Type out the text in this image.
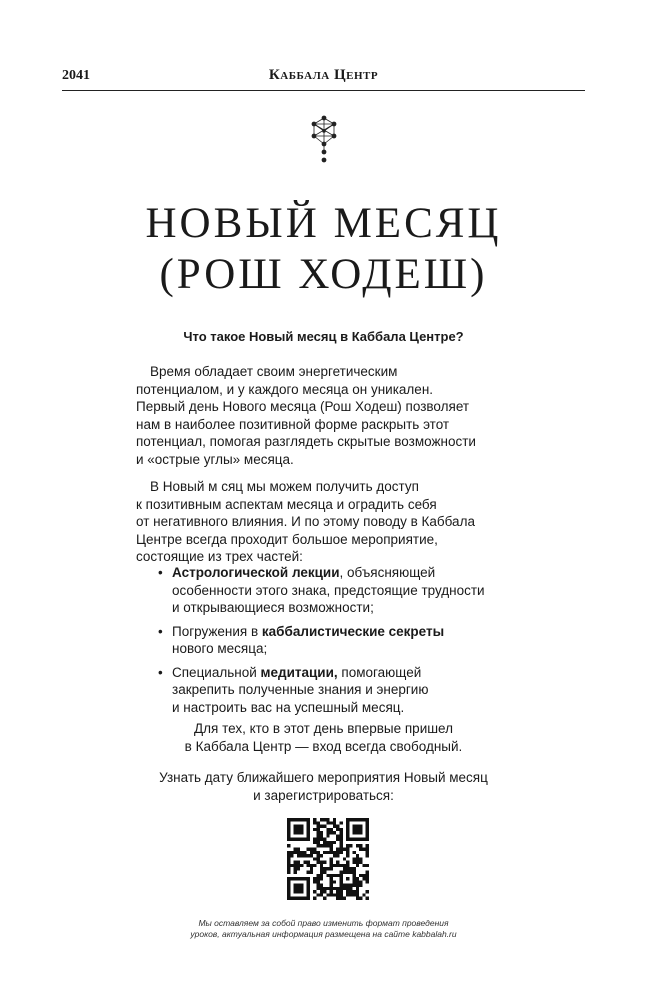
2041	Каббала Центр
НОВЫЙ МЕСЯЦ
(РОШ ХОДЕШ)
Что такое Новый месяц в Каббала Центре?

Время обладает своим энергетическим
потенциалом, и у каждого месяца он уникален.
Первый день Нового месяца (Рош Ходеш) позволяет
нам в наиболее позитивной форме раскрыть этот
потенциал, помогая разглядеть скрытые возможности
и «острые углы» месяца.

В Новый м сяц мы можем получить доступ
к позитивным аспектам месяца и оградить себя
от негативного влияния. И по этому поводу в Каббала
Центре всегда проходит большое мероприятие,
состоящие из трех частей:

• Астрологической лекции, объясняющей
особенности этого знака, предстоящие трудности
и открывающиеся возможности;
• Погружения в каббалистические секреты
нового месяца;
• Специальной медитации, помогающей
закрепить полученные знания и энергию
и настроить вас на успешный месяц.

Для тех, кто в этот день впервые пришел
в Каббала Центр — вход всегда свободный.

Узнать дату ближайшего мероприятия Новый месяц
и зарегистрироваться:

Мы оставляем за собой право изменить формат проведения
уроков, актуальная информация размещена на сайте kabbalah.ru
